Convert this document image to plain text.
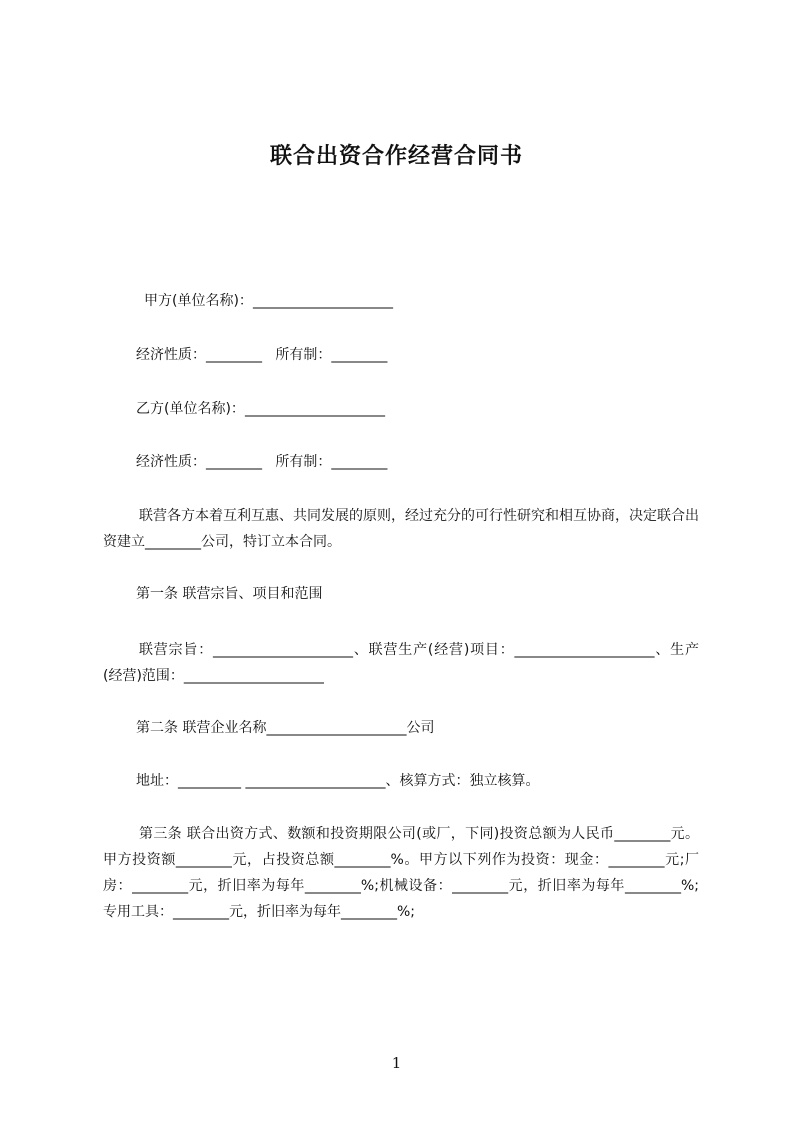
联合出资合作经营合同书
甲方(单位名称)：____________________
经济性质：________ 所有制：________
乙方(单位名称)：____________________
经济性质：________ 所有制：________

联营各方本着互利互惠、共同发展的原则，经过充分的可行性研究和相互协商，决定联合出资建立________公司，特订立本合同。

第一条 联营宗旨、项目和范围

联营宗旨：____________________、联营生产(经营)项目：____________________、生产(经营)范围：____________________

第二条 联营企业名称____________________公司
地址：_________ ____________________、核算方式：独立核算。

第三条 联合出资方式、数额和投资期限公司(或厂，下同)投资总额为人民币________元。甲方投资额________元，占投资总额________%。甲方以下列作为投资：现金：________元;厂房：________元，折旧率为每年________%;机械设备：________元，折旧率为每年________%;专用工具：________元，折旧率为每年________%;

1
